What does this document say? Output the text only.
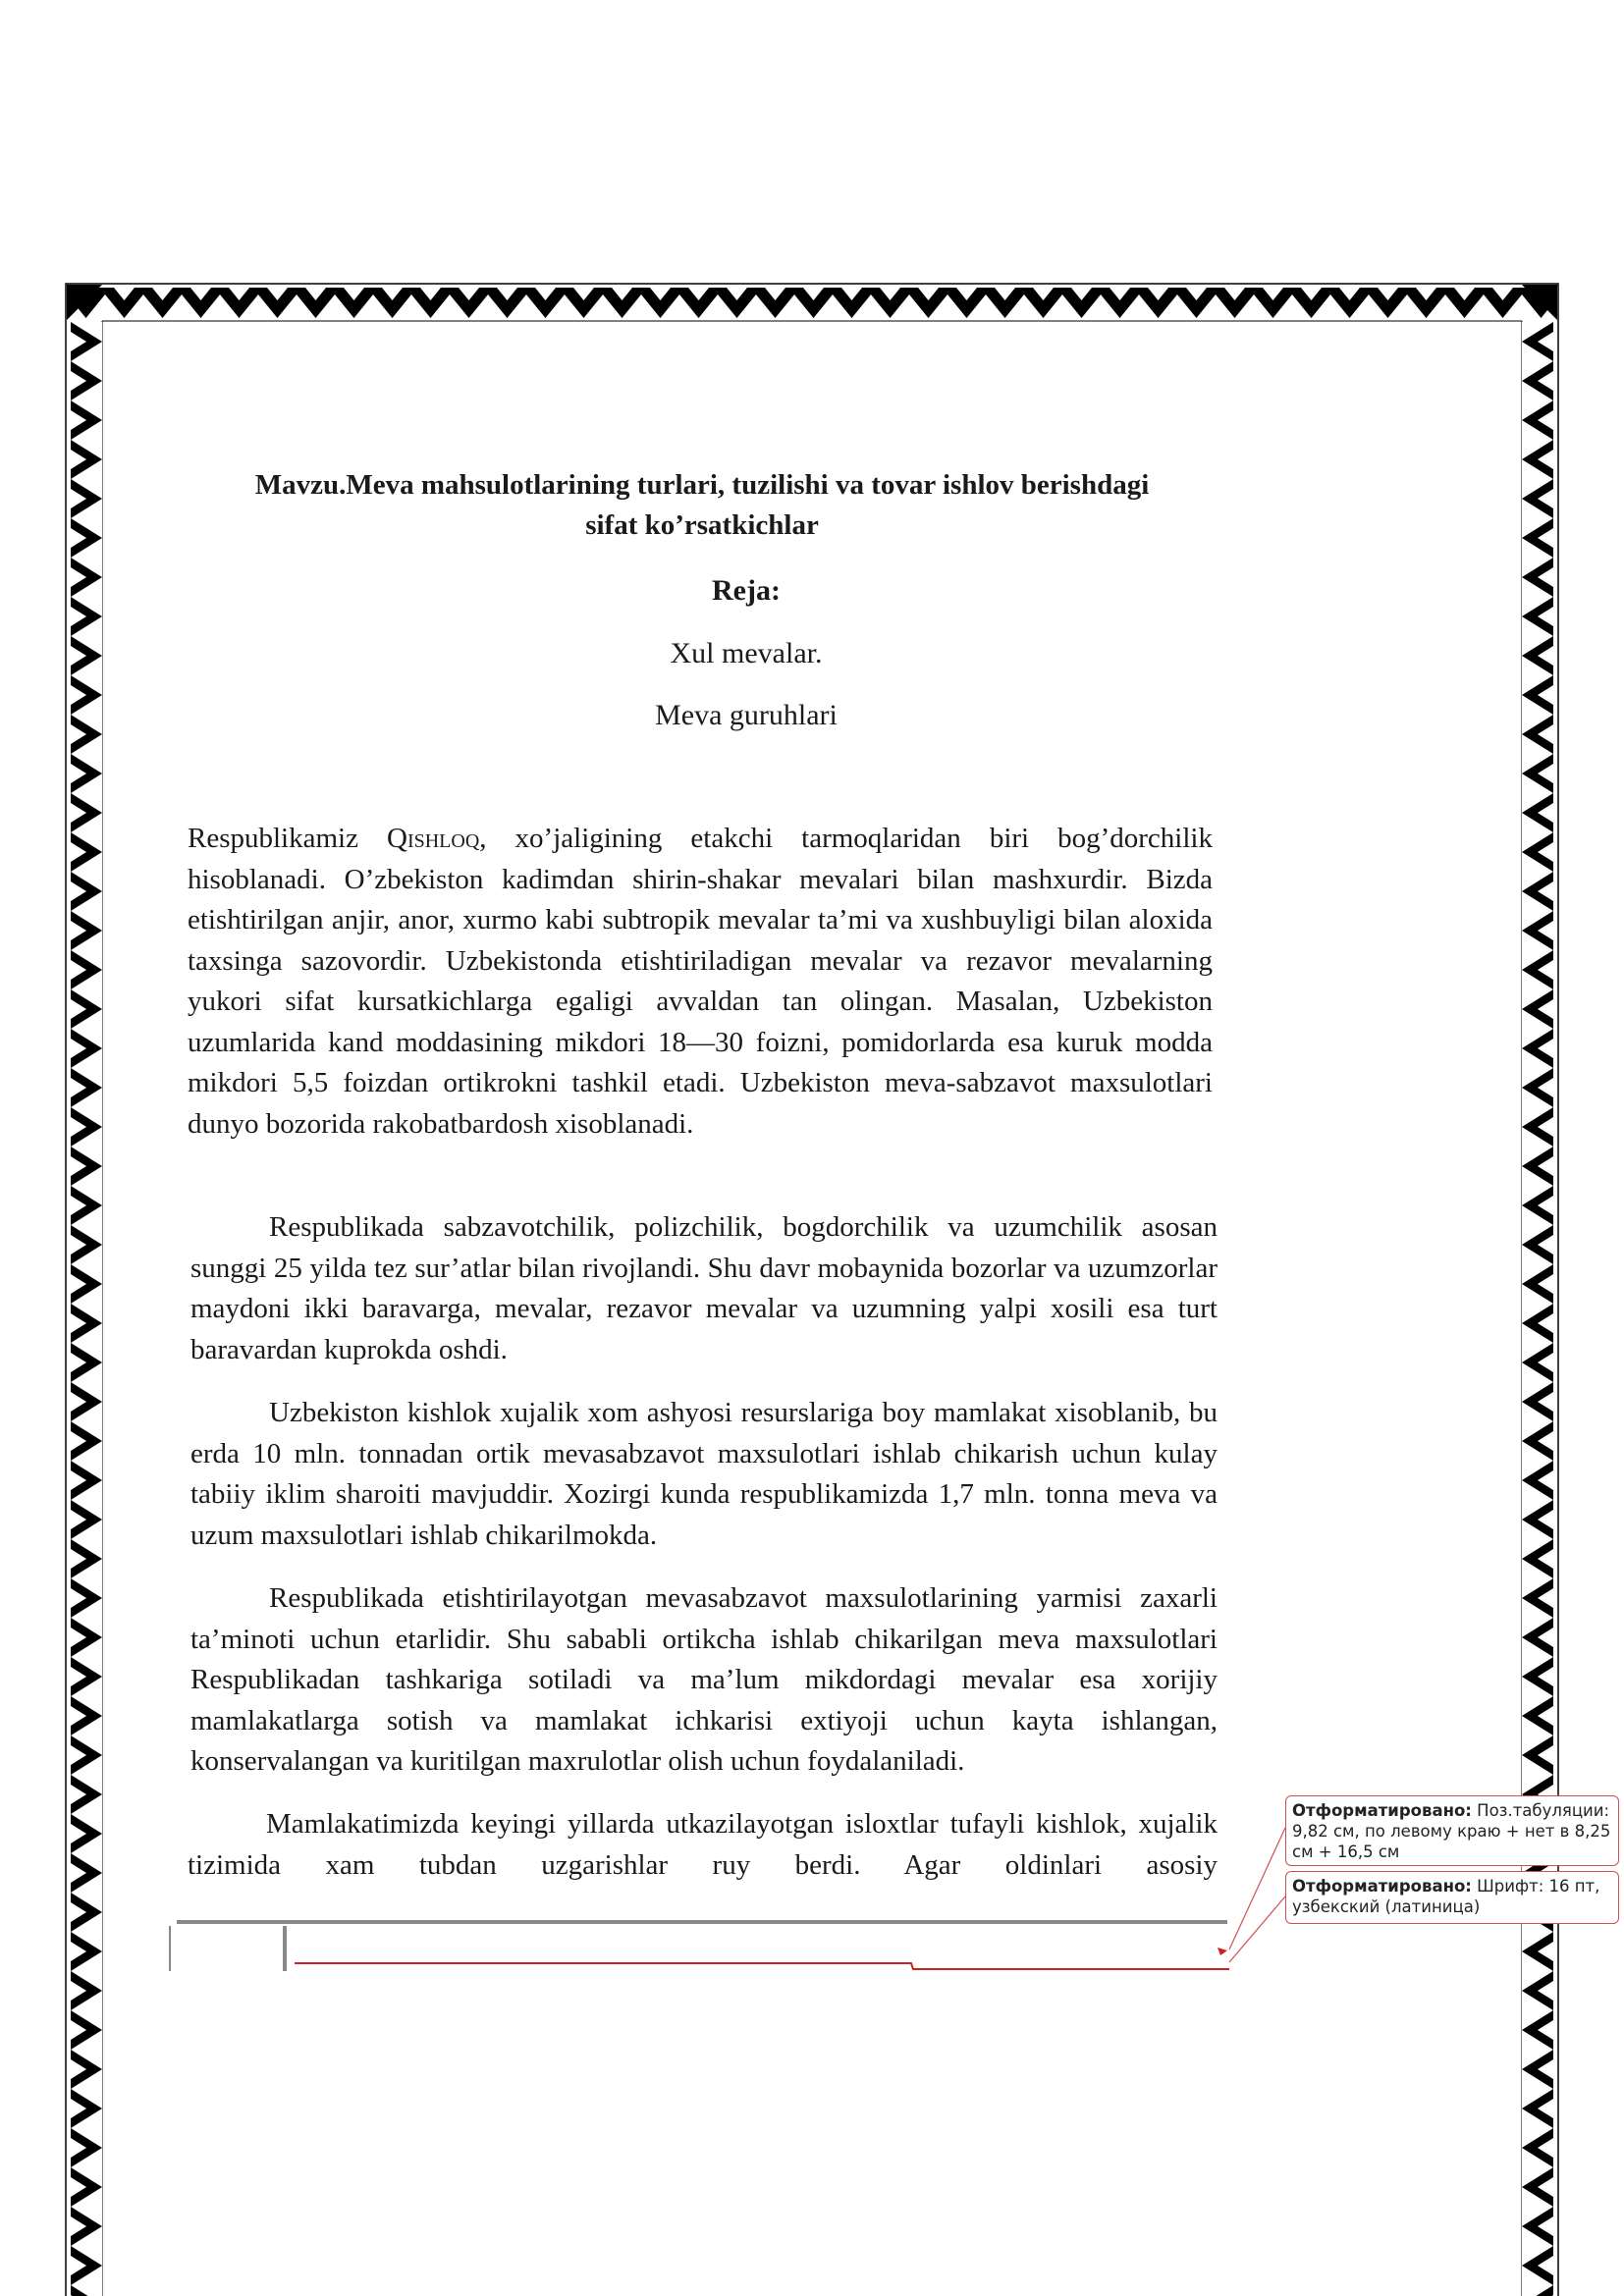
Mavzu.Meva mahsulotlarining turlari, tuzilishi va tovar ishlov berishdagi
sifat ko’rsatkichlar
Reja:
Xul mevalar.
Meva guruhlari

Respublikamiz Qishloq, xo’jaligining etakchi tarmoqlaridan biri bog’dorchilik hisoblanadi. O’zbekiston kadimdan shirin-shakar mevalari bilan mashxurdir. Bizda etishtirilgan anjir, anor, xurmo kabi subtropik mevalar ta’mi va xushbuyligi bilan aloxida taxsinga sazovordir. Uzbekistonda etishtiriladigan mevalar va rezavor mevalarning yukori sifat kursatkichlarga egaligi avvaldan tan olingan. Masalan, Uzbekiston uzumlarida kand moddasining mikdori 18—30 foizni, pomidorlarda esa kuruk modda mikdori 5,5 foizdan ortikrokni tashkil etadi. Uzbekiston meva-sabzavot maxsulotlari dunyo bozorida rakobatbardosh xisoblanadi.

Respublikada sabzavotchilik, polizchilik, bogdorchilik va uzumchilik asosan sunggi 25 yilda tez sur’atlar bilan rivojlandi. Shu davr mobaynida bozorlar va uzumzorlar maydoni ikki baravarga, mevalar, rezavor mevalar va uzumning yalpi xosili esa turt baravardan kuprokda oshdi.

Uzbekiston kishlok xujalik xom ashyosi resurslariga boy mamlakat xisoblanib, bu erda 10 mln. tonnadan ortik mevasabzavot maxsulotlari ishlab chikarish uchun kulay tabiiy iklim sharoiti mavjuddir. Xozirgi kunda respublikamizda 1,7 mln. tonna meva va uzum maxsulotlari ishlab chikarilmokda.

Respublikada etishtirilayotgan mevasabzavot maxsulotlarining yarmisi zaxarli ta’minoti uchun etarlidir. Shu sababli ortikcha ishlab chikarilgan meva maxsulotlari Respublikadan tashkariga sotiladi va ma’lum mikdordagi mevalar esa xorijiy mamlakatlarga sotish va mamlakat ichkarisi extiyoji uchun kayta ishlangan, konservalangan va kuritilgan maxrulotlar olish uchun foydalaniladi.

Mamlakatimizda keyingi yillarda utkazilayotgan isloxtlar tufayli kishlok, xujalik tizimida xam tubdan uzgarishlar ruy berdi. Agar oldinlari asosiy

Отформатировано: Поз.табуляции: 9,82 см, по левому краю + нет в 8,25 см + 16,5 см
Отформатировано: Шрифт: 16 пт, узбекский (латиница)
